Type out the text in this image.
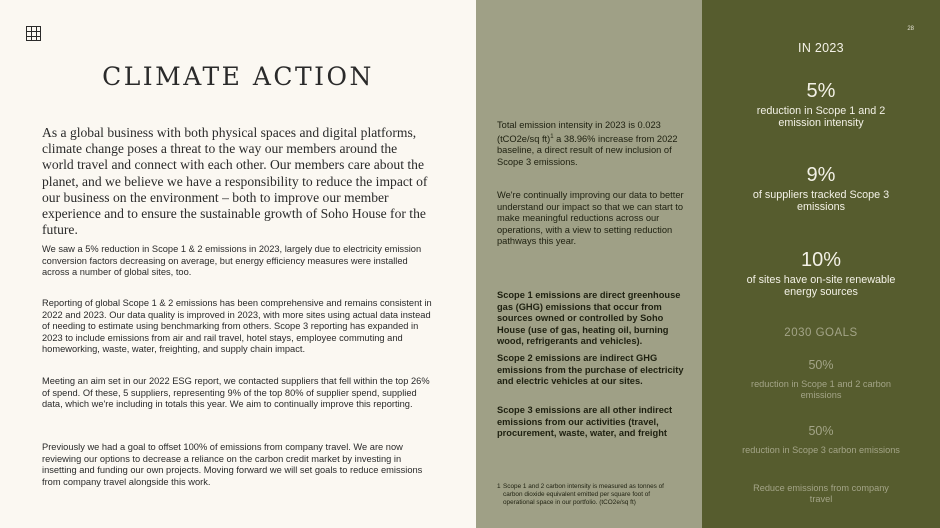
28
CLIMATE ACTION

As a global business with both physical spaces and digital platforms, climate change poses a threat to the way our members around the world travel and connect with each other. Our members care about the planet, and we believe we have a responsibility to reduce the impact of our business on the environment – both to improve our member experience and to ensure the sustainable growth of Soho House for the future.

We saw a 5% reduction in Scope 1 & 2 emissions in 2023, largely due to electricity emission conversion factors decreasing on average, but energy efficiency measures were installed across a number of global sites, too.

Reporting of global Scope 1 & 2 emissions has been comprehensive and remains consistent in 2022 and 2023. Our data quality is improved in 2023, with more sites using actual data instead of needing to estimate using benchmarking from others. Scope 3 reporting has expanded in 2023 to include emissions from air and rail travel, hotel stays, employee commuting and homeworking, waste, water, freighting, and supply chain impact.

Meeting an aim set in our 2022 ESG report, we contacted suppliers that fell within the top 26% of spend. Of these, 5 suppliers, representing 9% of the top 80% of supplier spend, supplied data, which we're including in totals this year. We aim to continually improve this reporting.

Previously we had a goal to offset 100% of emissions from company travel. We are now reviewing our options to decrease a reliance on the carbon credit market by investing in insetting and funding our own projects. Moving forward we will set goals to reduce emissions from company travel alongside this work.

Total emission intensity in 2023 is 0.023 (tCO2e/sq ft)$^1$ a 38.96% increase from 2022 baseline, a direct result of new inclusion of Scope 3 emissions.

We're continually improving our data to better understand our impact so that we can start to make meaningful reductions across our operations, with a view to setting reduction pathways this year.

Scope 1 emissions are direct greenhouse gas (GHG) emissions that occur from sources owned or controlled by Soho House (use of gas, heating oil, burning wood, refrigerants and vehicles).

Scope 2 emissions are indirect GHG emissions from the purchase of electricity and electric vehicles at our sites.

Scope 3 emissions are all other indirect emissions from our activities (travel, procurement, waste, water, and freight

1 Scope 1 and 2 carbon intensity is measured as tonnes of carbon dioxide equivalent emitted per square foot of operational space in our portfolio. (tCO2e/sq ft)

IN 2023

5%

reduction in Scope 1 and 2 emission intensity

9%

of suppliers tracked Scope 3 emissions

10%

of sites have on-site renewable energy sources

2030 GOALS

50%

reduction in Scope 1 and 2 carbon emissions

50%

reduction in Scope 3 carbon emissions

Reduce emissions from company travel
